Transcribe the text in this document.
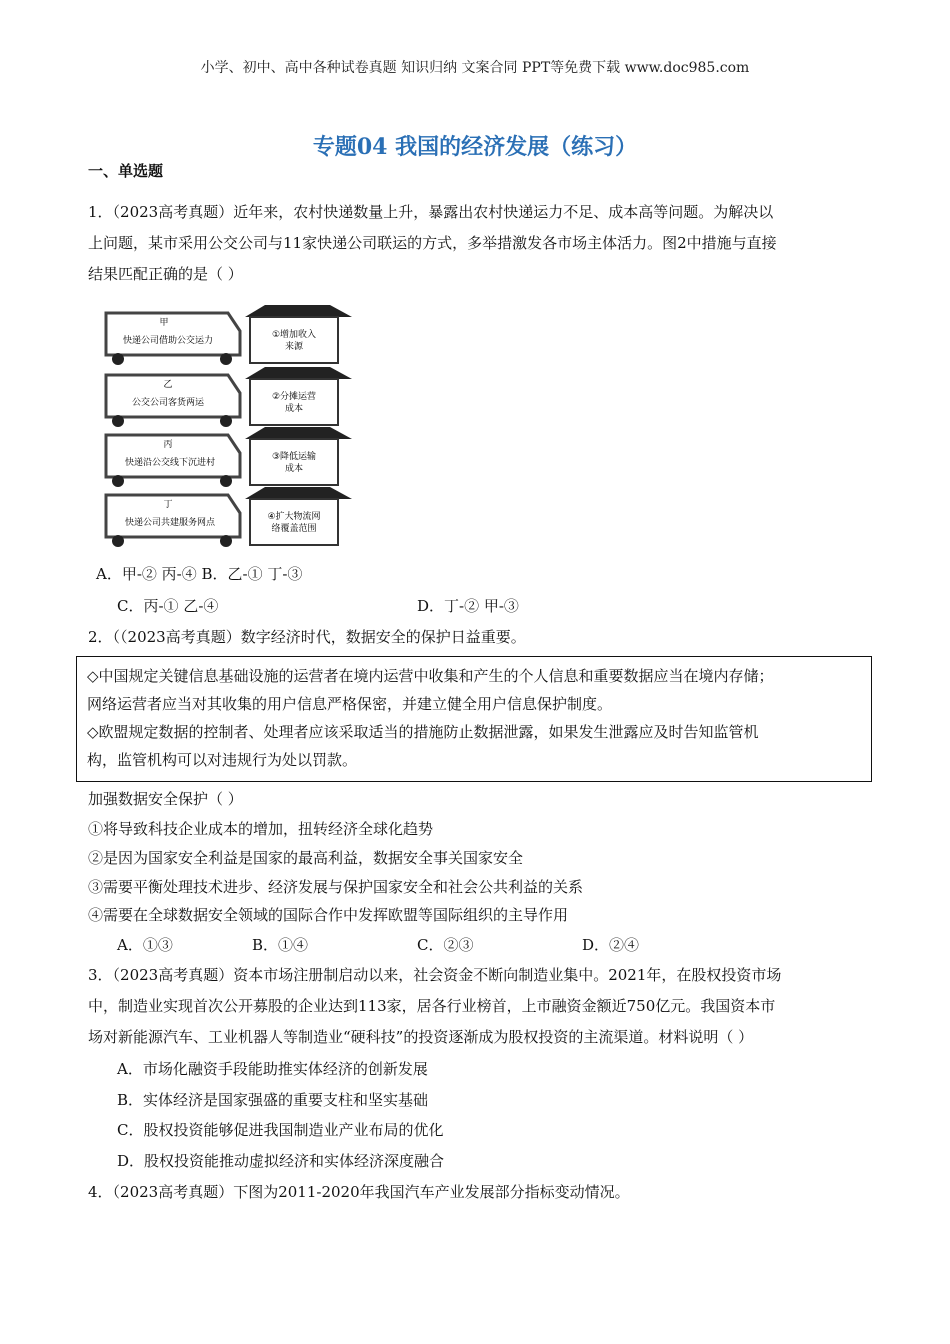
小学、初中、高中各种试卷真题 知识归纳 文案合同 PPT等免费下载 www.doc985.com
专题04 我国的经济发展（练习）
一、单选题
1．（2023高考真题）近年来，农村快递数量上升，暴露出农村快递运力不足、成本高等问题。为解决以
上问题，某市采用公交公司与11家快递公司联运的方式，多举措激发各市场主体活力。图2中措施与直接
结果匹配正确的是（ ）
甲
快递公司借助公交运力
①增加收入
来源
乙
公交公司客货两运
②分摊运营
成本
丙
快递沿公交线下沉进村
③降低运输
成本
丁
快递公司共建服务网点
④扩大物流网
络覆盖范围
A．甲-② 丙-④ B．乙-① 丁-③
C．丙-① 乙-④	D．丁-② 甲-③
2．（（2023高考真题）数字经济时代，数据安全的保护日益重要。
◇中国规定关键信息基础设施的运营者在境内运营中收集和产生的个人信息和重要数据应当在境内存储；
网络运营者应当对其收集的用户信息严格保密，并建立健全用户信息保护制度。
◇欧盟规定数据的控制者、处理者应该采取适当的措施防止数据泄露，如果发生泄露应及时告知监管机
构，监管机构可以对违规行为处以罚款。
加强数据安全保护（ ）
①将导致科技企业成本的增加，扭转经济全球化趋势
②是因为国家安全利益是国家的最高利益，数据安全事关国家安全
③需要平衡处理技术进步、经济发展与保护国家安全和社会公共利益的关系
④需要在全球数据安全领域的国际合作中发挥欧盟等国际组织的主导作用
A．①③	B．①④	C．②③	D．②④
3．（2023高考真题）资本市场注册制启动以来，社会资金不断向制造业集中。2021年，在股权投资市场
中，制造业实现首次公开募股的企业达到113家，居各行业榜首，上市融资金额近750亿元。我国资本市
场对新能源汽车、工业机器人等制造业“硬科技”的投资逐渐成为股权投资的主流渠道。材料说明（ ）
A．市场化融资手段能助推实体经济的创新发展
B．实体经济是国家强盛的重要支柱和坚实基础
C．股权投资能够促进我国制造业产业布局的优化
D．股权投资能推动虚拟经济和实体经济深度融合
4．（2023高考真题）下图为2011-2020年我国汽车产业发展部分指标变动情况。
